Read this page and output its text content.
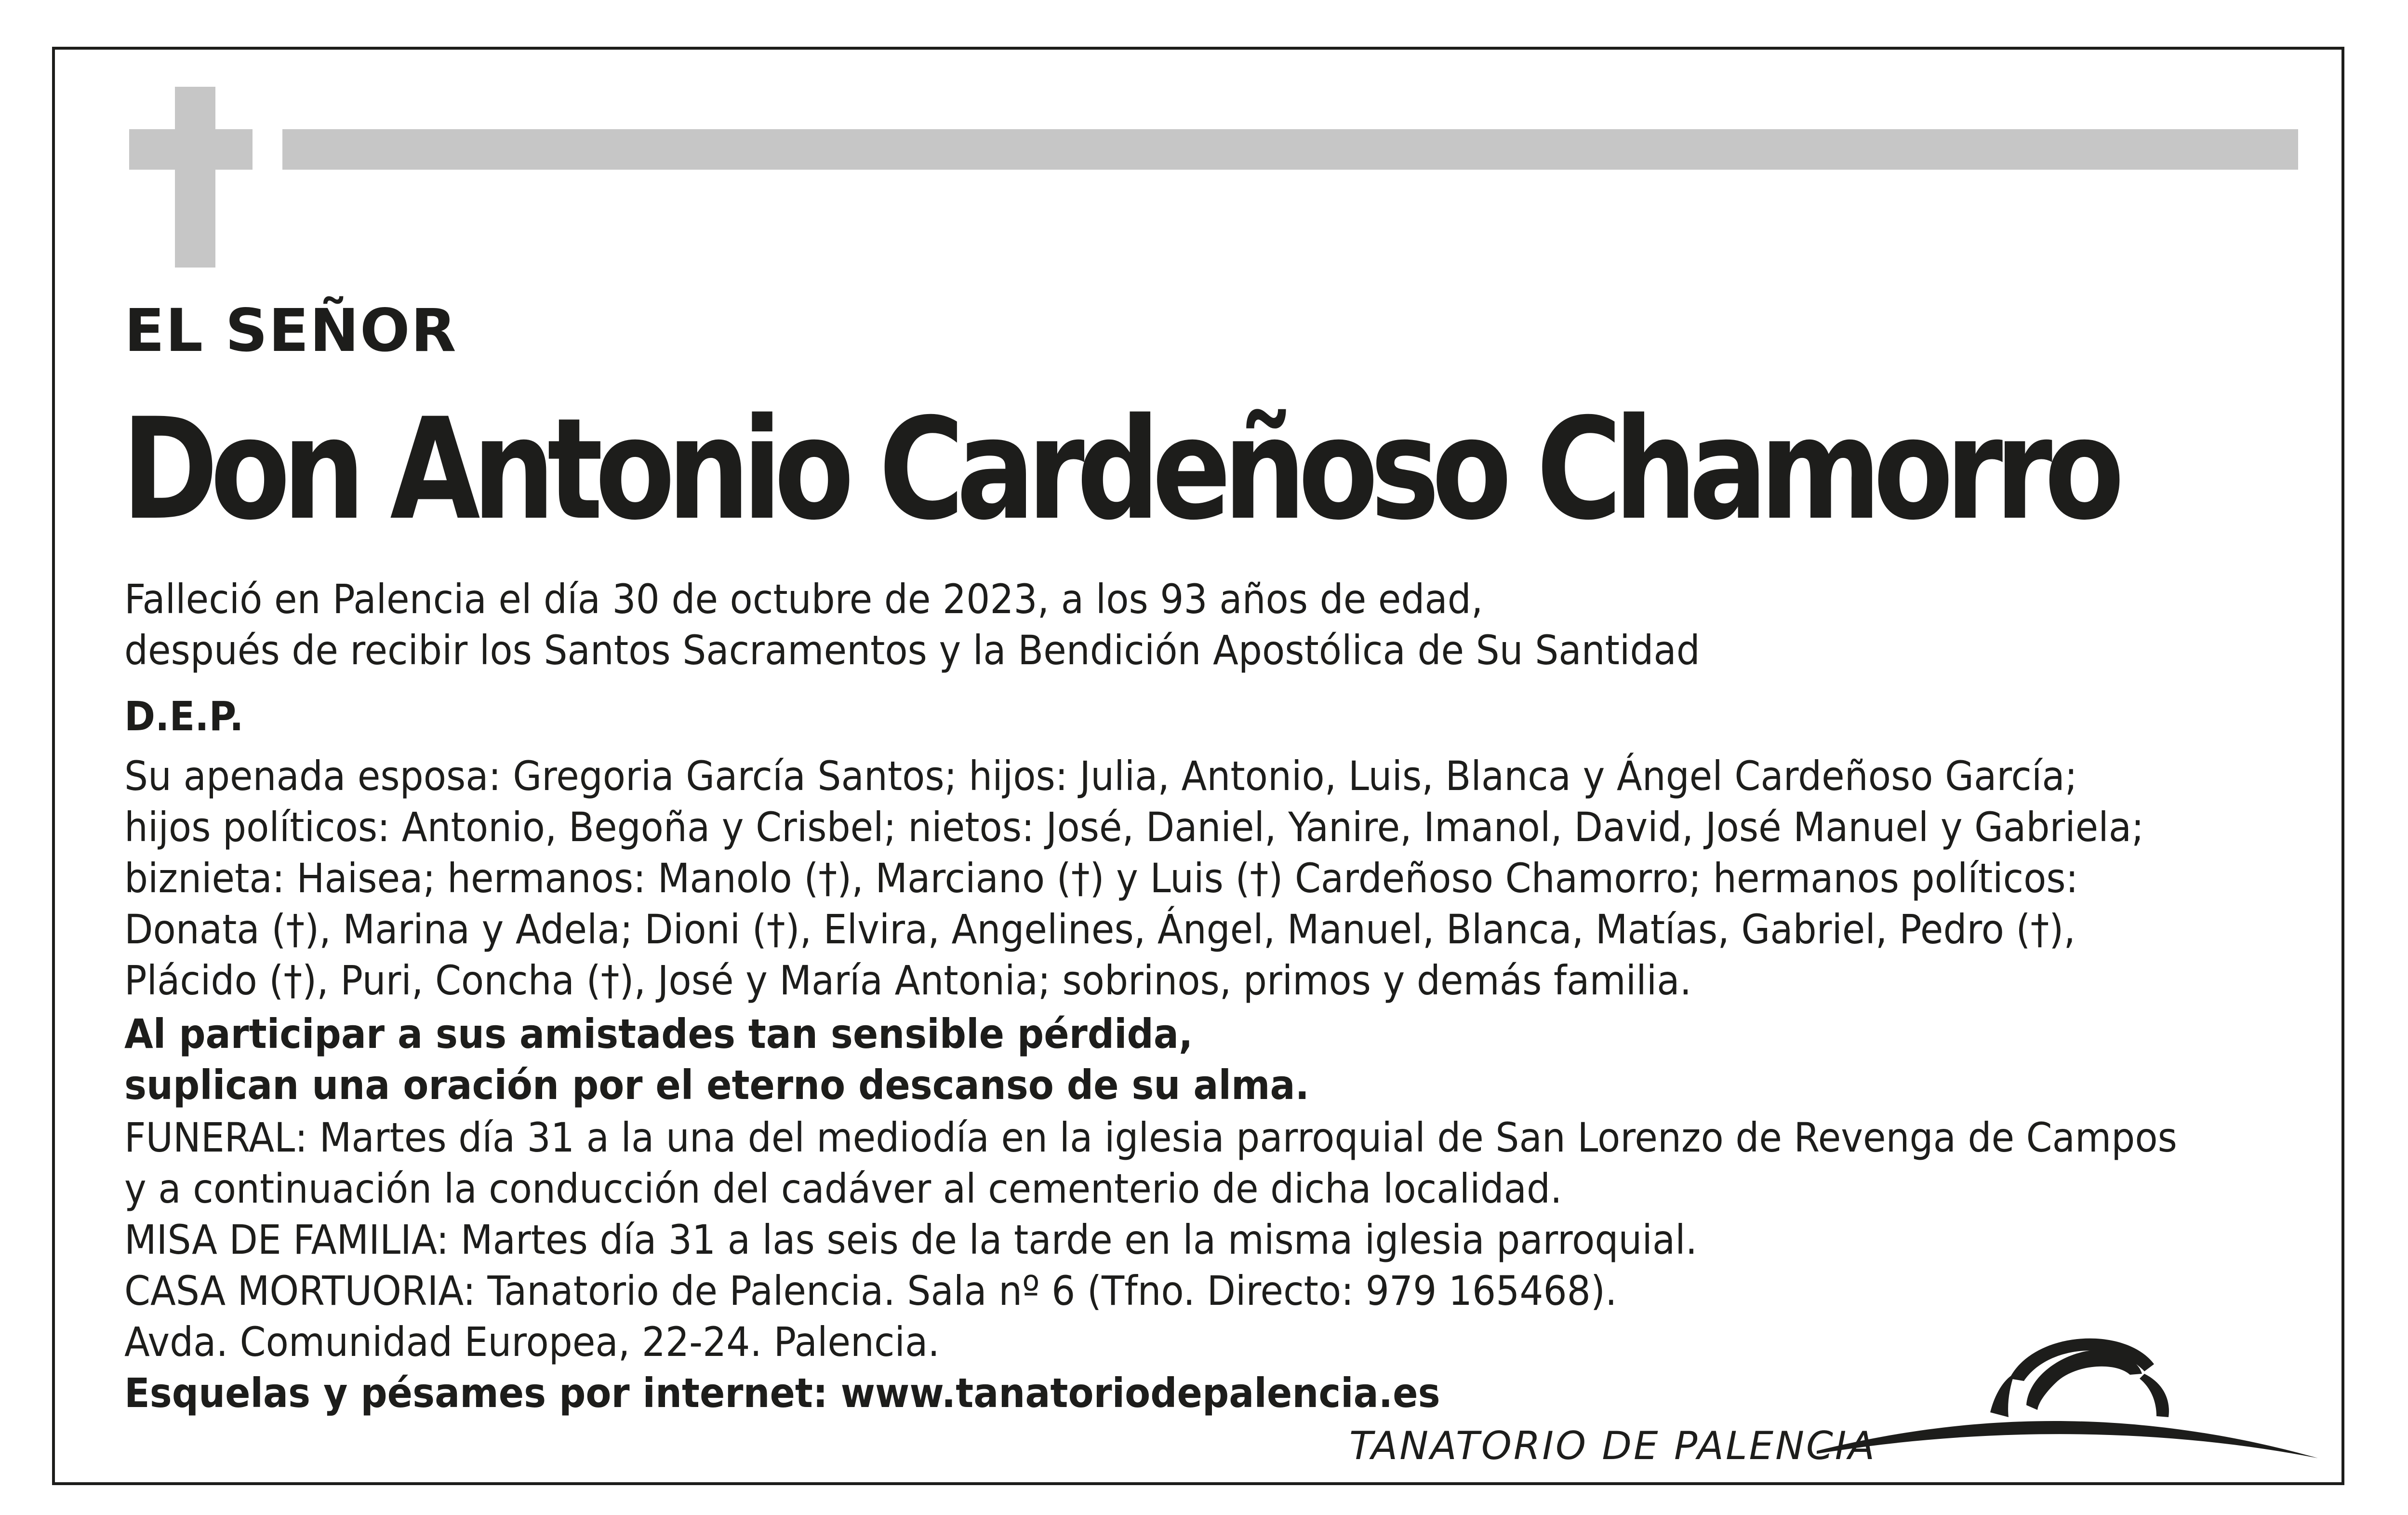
EL SEÑOR
Don Antonio Cardeñoso Chamorro
Falleció en Palencia el día 30 de octubre de 2023, a los 93 años de edad,
después de recibir los Santos Sacramentos y la Bendición Apostólica de Su Santidad
D.E.P.
Su apenada esposa: Gregoria García Santos; hijos: Julia, Antonio, Luis, Blanca y Ángel Cardeñoso García;
hijos políticos: Antonio, Begoña y Crisbel; nietos: José, Daniel, Yanire, Imanol, David, José Manuel y Gabriela;
biznieta: Haisea; hermanos: Manolo (†), Marciano (†) y Luis (†) Cardeñoso Chamorro; hermanos políticos:
Donata (†), Marina y Adela; Dioni (†), Elvira, Angelines, Ángel, Manuel, Blanca, Matías, Gabriel, Pedro (†),
Plácido (†), Puri, Concha (†), José y María Antonia; sobrinos, primos y demás familia.
Al participar a sus amistades tan sensible pérdida,
suplican una oración por el eterno descanso de su alma.
FUNERAL: Martes día 31 a la una del mediodía en la iglesia parroquial de San Lorenzo de Revenga de Campos
y a continuación la conducción del cadáver al cementerio de dicha localidad.
MISA DE FAMILIA: Martes día 31 a las seis de la tarde en la misma iglesia parroquial.
CASA MORTUORIA: Tanatorio de Palencia. Sala nº 6 (Tfno. Directo: 979 165468).
Avda. Comunidad Europea, 22-24. Palencia.
Esquelas y pésames por internet: www.tanatoriodepalencia.es
TANATORIO DE PALENCIA
